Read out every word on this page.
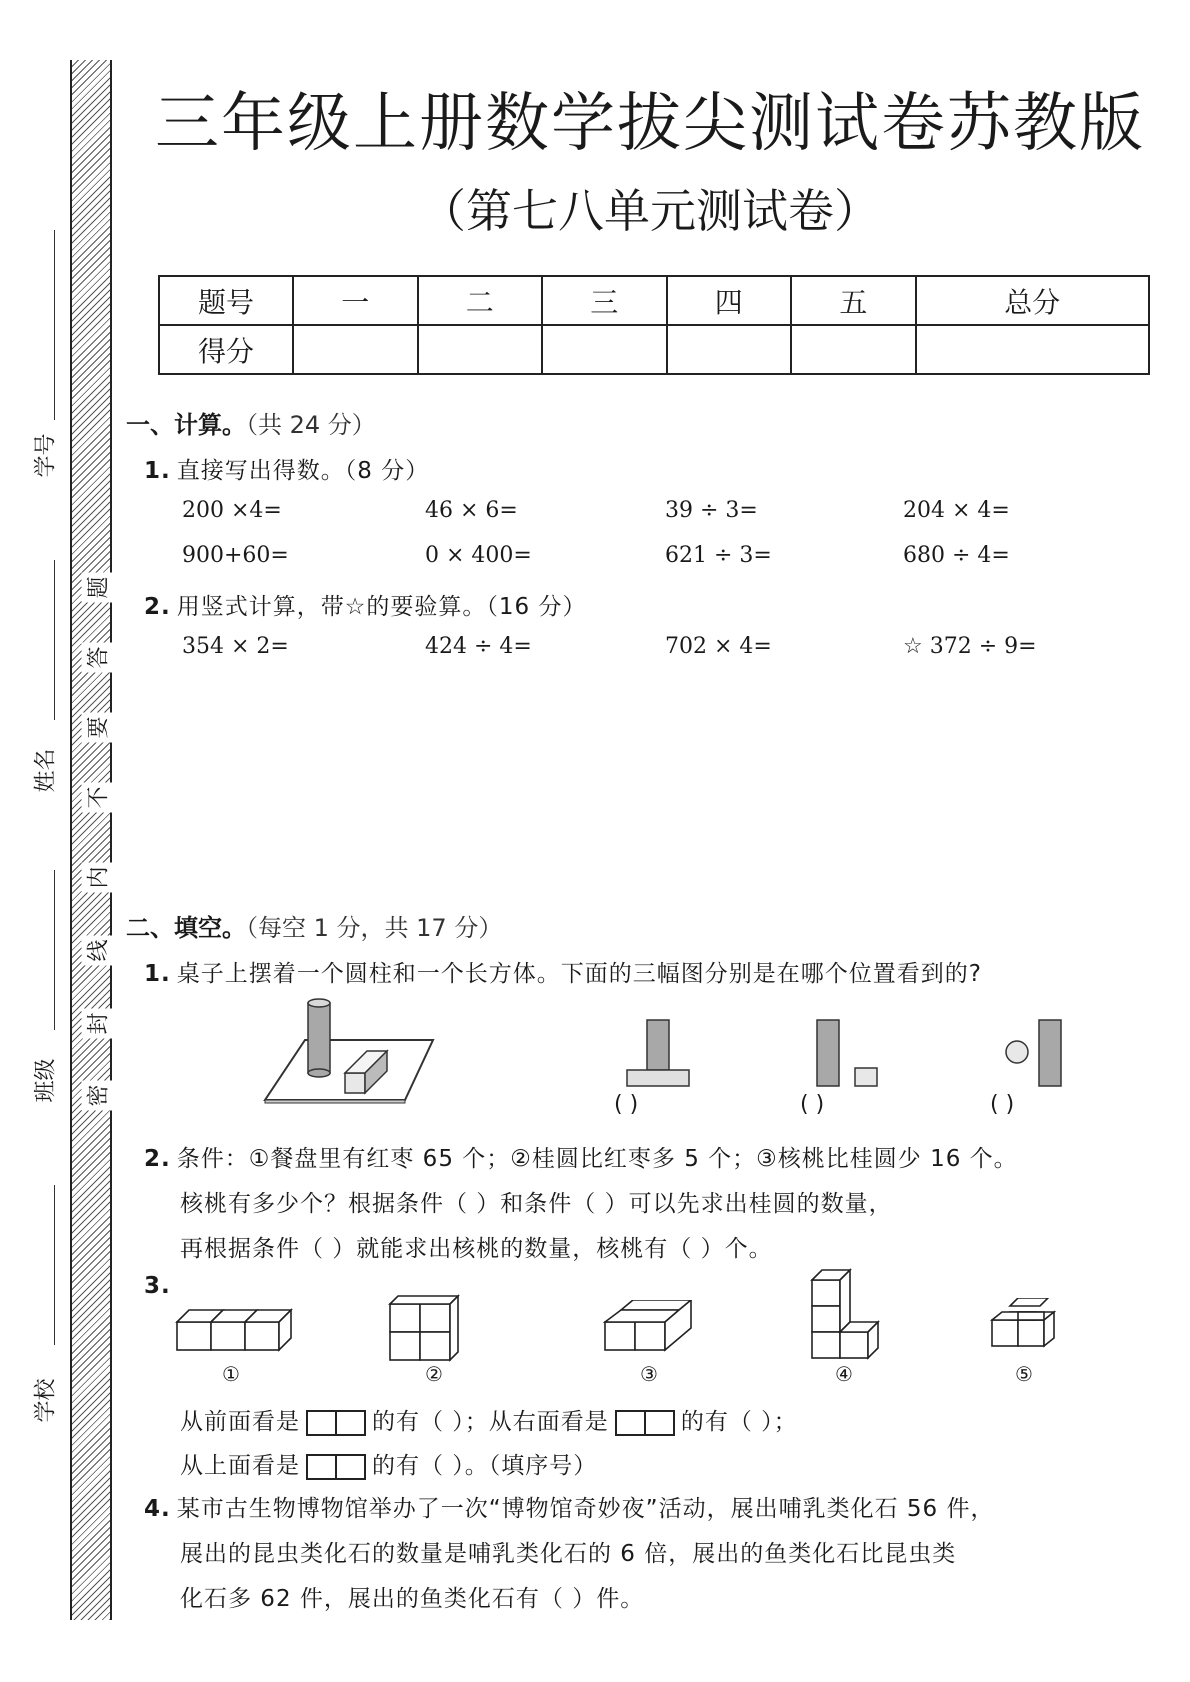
学号
姓名
班级
学校
题
答
要
不
内
线
封
密
三年级上册数学拔尖测试卷苏教版
（第七八单元测试卷）
题号	一	二	三	四	五	总分
得分						
一、计算。（共 24 分）
1. 直接写出得数。（8 分）
200 ×4=	46 × 6=	39 ÷ 3=	204 × 4=
900+60=	0 × 400=	621 ÷ 3=	680 ÷ 4=
2. 用竖式计算，带☆的要验算。（16 分）
354 × 2=	424 ÷ 4=	702 × 4=	☆ 372 ÷ 9=
二、填空。（每空 1 分，共 17 分）
1. 桌子上摆着一个圆柱和一个长方体。下面的三幅图分别是在哪个位置看到的?
( )	( )	( )
2. 条件：①餐盘里有红枣 65 个；②桂圆比红枣多 5 个；③核桃比桂圆少 16 个。
核桃有多少个？根据条件（ ）和条件（ ）可以先求出桂圆的数量，
再根据条件（ ）就能求出核桃的数量，核桃有（ ）个。
3.
①	②	③	④	⑤
从前面看是	的有（ ）；从右面看是	的有（ ）；
从上面看是	的有（ ）。（填序号）
4. 某市古生物博物馆举办了一次“博物馆奇妙夜”活动，展出哺乳类化石 56 件，
展出的昆虫类化石的数量是哺乳类化石的 6 倍，展出的鱼类化石比昆虫类
化石多 62 件，展出的鱼类化石有（ ）件。
